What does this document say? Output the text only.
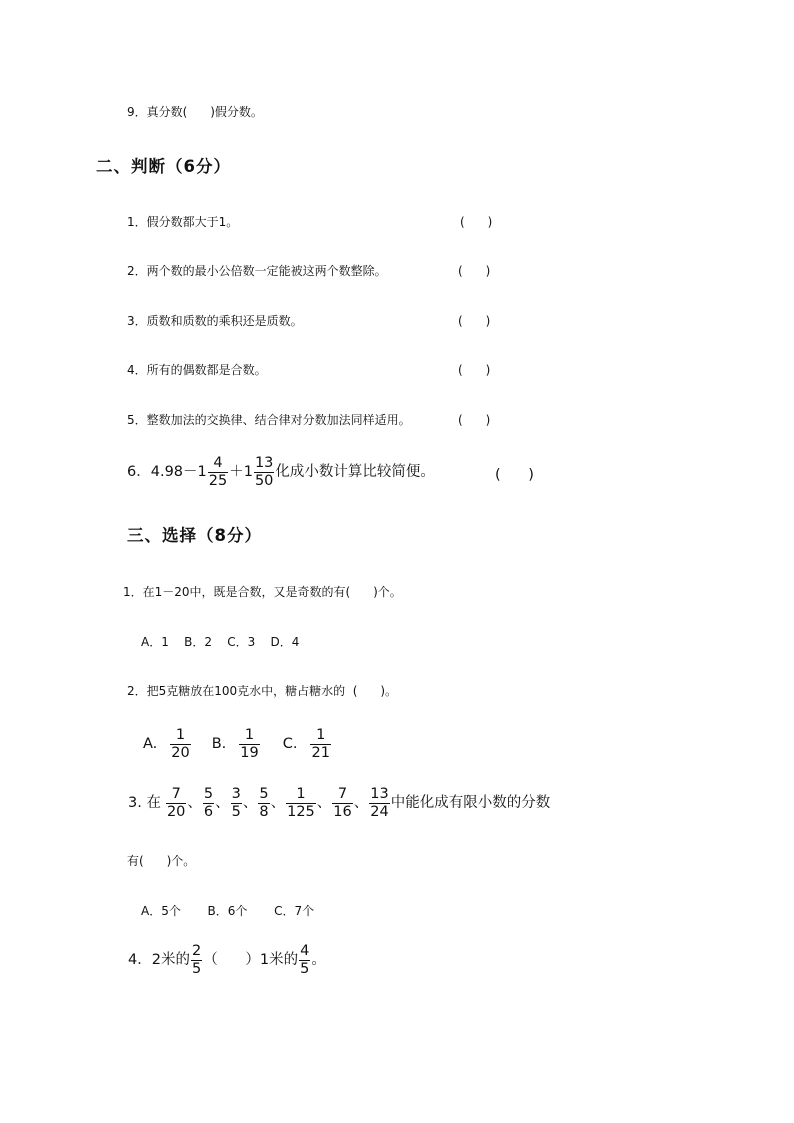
9．真分数(      )假分数。
二、判断（6分）
1．假分数都大于1。	(      )
2．两个数的最小公倍数一定能被这两个数整除。	(      )
3．质数和质数的乘积还是质数。	(      )
4．所有的偶数都是合数。	(      )
5．整数加法的交换律、结合律对分数加法同样适用。	(      )
6． $4.98-1 \frac{4}{25} +1 \frac{13}{50}$ 化成小数计算比较简便。	(      )
三、选择（8分）
1．在1－20中，既是合数，又是奇数的有(      )个。
A．1    B．2    C．3    D．4
2．把5克糖放在100克水中，糖占糖水的  (      )。
A. $\frac{1}{20} B$. $\frac{1}{19} C$. $\frac{1}{21}$
3. 在 $\frac{7}{20}$ 、 $\frac{5}{6}$ 、 $\frac{3}{5}$ 、 $\frac{5}{8}$ 、 $\frac{1}{125}$ 、 $\frac{7}{16}$ 、 $\frac{13}{24}$ 中能化成有限小数的分数
有(      )个。
A．5个       B．6个       C．7个
4．2米的 $\frac{2}{5}$ （      ）1米的 $\frac{4}{5}$ 。
